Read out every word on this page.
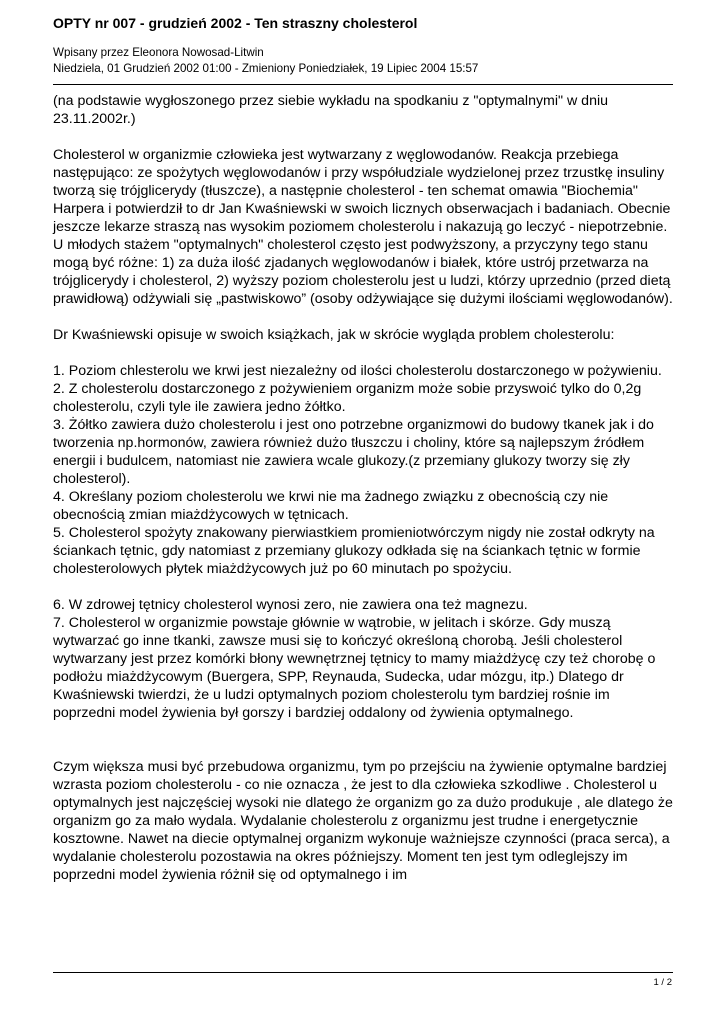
OPTY nr 007 - grudzień 2002 - Ten straszny cholesterol
Wpisany przez Eleonora Nowosad-Litwin
Niedziela, 01 Grudzień 2002 01:00 - Zmieniony Poniedziałek, 19 Lipiec 2004 15:57

(na podstawie wygłoszonego przez siebie wykładu na spodkaniu z "optymalnymi" w dniu 23.11.2002r.)

Cholesterol w organizmie człowieka jest wytwarzany z węglowodanów. Reakcja przebiega następująco: ze spożytych węglowodanów i przy współudziale wydzielonej przez trzustkę insuliny tworzą się trójglicerydy (tłuszcze), a następnie cholesterol - ten schemat omawia "Biochemia" Harpera i potwierdził to dr Jan Kwaśniewski w swoich licznych obserwacjach i badaniach. Obecnie jeszcze lekarze straszą nas wysokim poziomem cholesterolu i nakazują go leczyć - niepotrzebnie. U młodych stażem "optymalnych" cholesterol często jest podwyższony, a przyczyny tego stanu mogą być różne: 1) za duża ilość zjadanych węglowodanów i białek, które ustrój przetwarza na trójglicerydy i cholesterol, 2) wyższy poziom cholesterolu jest u ludzi, którzy uprzednio (przed dietą prawidłową) odżywiali się „pastwiskowo” (osoby odżywiające się dużymi ilościami węglowodanów).

Dr Kwaśniewski opisuje w swoich książkach, jak w skrócie wygląda problem cholesterolu:

1. Poziom chlesterolu we krwi jest niezależny od ilości cholesterolu dostarczonego w pożywieniu.

2. Z cholesterolu dostarczonego z pożywieniem organizm może sobie przyswoić tylko do 0,2g cholesterolu, czyli tyle ile zawiera jedno żółtko.

3. Żółtko zawiera dużo cholesterolu i jest ono potrzebne organizmowi do budowy tkanek jak i do tworzenia np.hormonów, zawiera również dużo tłuszczu i choliny, które są najlepszym źródłem energii i budulcem, natomiast nie zawiera wcale glukozy.(z przemiany glukozy tworzy się zły cholesterol).

4. Określany poziom cholesterolu we krwi nie ma żadnego związku z obecnością czy nie obecnością zmian miażdżycowych w tętnicach.

5. Cholesterol spożyty znakowany pierwiastkiem promieniotwórczym nigdy nie został odkryty na ściankach tętnic, gdy natomiast z przemiany glukozy odkłada się na ściankach tętnic w formie cholesterolowych płytek miażdżycowych już po 60 minutach po spożyciu.

6. W zdrowej tętnicy cholesterol wynosi zero, nie zawiera ona też magnezu.

7. Cholesterol w organizmie powstaje głównie w wątrobie, w jelitach i skórze. Gdy muszą wytwarzać go inne tkanki, zawsze musi się to kończyć określoną chorobą. Jeśli cholesterol wytwarzany jest przez komórki błony wewnętrznej tętnicy to mamy miażdżycę czy też chorobę o podłożu miażdżycowym (Buergera, SPP, Reynauda, Sudecka, udar mózgu, itp.) Dlatego dr Kwaśniewski twierdzi, że u ludzi optymalnych poziom cholesterolu tym bardziej rośnie im poprzedni model żywienia był gorszy i bardziej oddalony od żywienia optymalnego.

Czym większa musi być przebudowa organizmu, tym po przejściu na żywienie optymalne bardziej wzrasta poziom cholesterolu - co nie oznacza , że jest to dla człowieka szkodliwe . Cholesterol u optymalnych jest najczęściej wysoki nie dlatego że organizm go za dużo produkuje , ale dlatego że organizm go za mało wydala. Wydalanie cholesterolu z organizmu jest trudne i energetycznie kosztowne. Nawet na diecie optymalnej organizm wykonuje ważniejsze czynności (praca serca), a wydalanie cholesterolu pozostawia na okres późniejszy. Moment ten jest tym odleglejszy im poprzedni model żywienia różnił się od optymalnego i im

1 / 2
